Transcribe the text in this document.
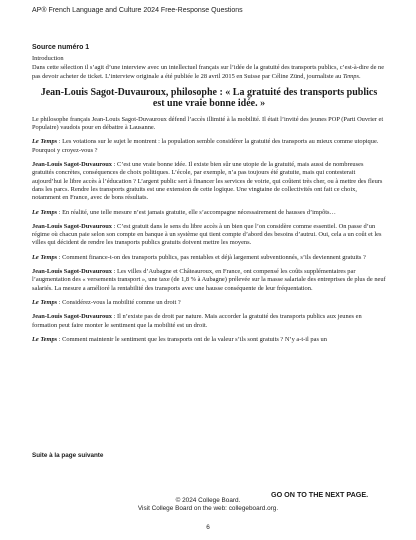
AP® French Language and Culture 2024 Free-Response Questions

Source numéro 1

Introduction

Dans cette sélection il s’agit d’une interview avec un intellectuel français sur l’idée de la gratuité des transports publics, c’est-à-dire de ne pas devoir acheter de ticket. L’interview originale a été publiée le 28 avril 2015 en Suisse par Céline Zünd, journaliste au Temps.

Jean-Louis Sagot-Duvauroux, philosophe : « La gratuité des transports publics est une vraie bonne idée. »

Le philosophe français Jean-Louis Sagot-Duvauroux défend l’accès illimité à la mobilité. Il était l’invité des jeunes POP (Parti Ouvrier et Populaire) vaudois pour en débattre à Lausanne.

Le Temps : Les votations sur le sujet le montrent : la population semble considérer la gratuité des transports au mieux comme utopique. Pourquoi y croyez-vous ?

Jean-Louis Sagot-Duvauroux : C’est une vraie bonne idée. Il existe bien sûr une utopie de la gratuité, mais aussi de nombreuses gratuités concrètes, conséquences de choix politiques. L’école, par exemple, n’a pas toujours été gratuite, mais qui contesterait aujourd’hui le libre accès à l’éducation ? L’argent public sert à financer les services de voirie, qui coûtent très cher, ou à mettre des fleurs dans les parcs. Rendre les transports gratuits est une extension de cette logique. Une vingtaine de collectivités ont fait ce choix, notamment en France, avec de bons résultats.

Le Temps : En réalité, une telle mesure n’est jamais gratuite, elle s’accompagne nécessairement de hausses d’impôts…

Jean-Louis Sagot-Duvauroux : C’est gratuit dans le sens du libre accès à un bien que l’on considère comme essentiel. On passe d’un régime où chacun paie selon son compte en banque à un système qui tient compte d’abord des besoins d’autrui. Oui, cela a un coût et les villes qui décident de rendre les transports publics gratuits doivent mettre les moyens.

Le Temps : Comment finance-t-on des transports publics, pas rentables et déjà largement subventionnés, s’ils deviennent gratuits ?

Jean-Louis Sagot-Duvauroux : Les villes d’Aubagne et Châteauroux, en France, ont compensé les coûts supplémentaires par l’augmentation des « versements transport », une taxe (de 1,8 % à Aubagne) prélevée sur la masse salariale des entreprises de plus de neuf salariés. La mesure a amélioré la rentabilité des transports avec une hausse conséquente de leur fréquentation.

Le Temps : Considérez-vous la mobilité comme un droit ?

Jean-Louis Sagot-Duvauroux : Il n’existe pas de droit par nature. Mais accorder la gratuité des transports publics aux jeunes en formation peut faire monter le sentiment que la mobilité est un droit.

Le Temps : Comment maintenir le sentiment que les transports ont de la valeur s’ils sont gratuits ? N’y a-t-il pas un

Suite à la page suivante
GO ON TO THE NEXT PAGE.
© 2024 College Board.
Visit College Board on the web: collegeboard.org.
6
